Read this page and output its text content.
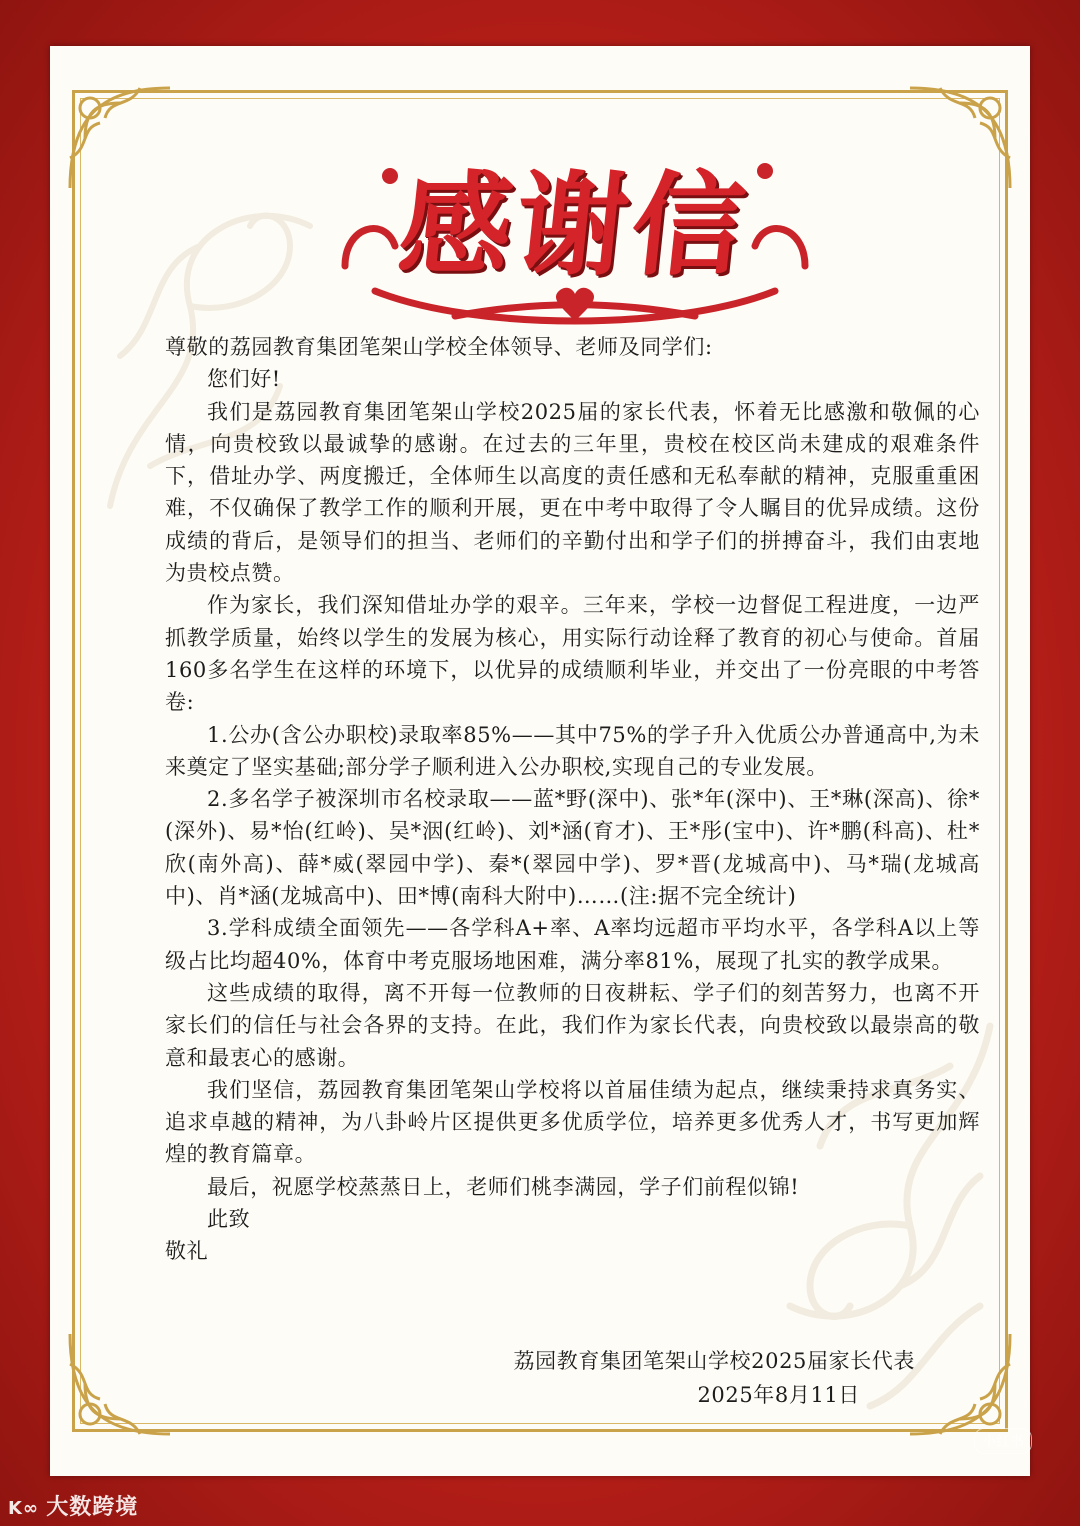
感谢信

尊敬的荔园教育集团笔架山学校全体领导、老师及同学们:

您们好!

我们是荔园教育集团笔架山学校2025届的家长代表，怀着无比感激和敬佩的心情，向贵校致以最诚挚的感谢。在过去的三年里，贵校在校区尚未建成的艰难条件下，借址办学、两度搬迁，全体师生以高度的责任感和无私奉献的精神，克服重重困难，不仅确保了教学工作的顺利开展，更在中考中取得了令人瞩目的优异成绩。这份成绩的背后，是领导们的担当、老师们的辛勤付出和学子们的拼搏奋斗，我们由衷地为贵校点赞。

作为家长，我们深知借址办学的艰辛。三年来，学校一边督促工程进度，一边严抓教学质量，始终以学生的发展为核心，用实际行动诠释了教育的初心与使命。首届160多名学生在这样的环境下，以优异的成绩顺利毕业，并交出了一份亮眼的中考答卷:

1.公办(含公办职校)录取率85%——其中75%的学子升入优质公办普通高中,为未来奠定了坚实基础;部分学子顺利进入公办职校,实现自己的专业发展。

2.多名学子被深圳市名校录取——蓝*野(深中)、张*年(深中)、王*琳(深高)、徐*(深外)、易*怡(红岭)、吴*洇(红岭)、刘*涵(育才)、王*彤(宝中)、许*鹏(科高)、杜*欣(南外高)、薛*威(翠园中学)、秦*(翠园中学)、罗*晋(龙城高中)、马*瑞(龙城高中)、肖*涵(龙城高中)、田*博(南科大附中)……(注:据不完全统计)

3.学科成绩全面领先——各学科A+率、A率均远超市平均水平，各学科A以上等级占比均超40%，体育中考克服场地困难，满分率81%，展现了扎实的教学成果。

这些成绩的取得，离不开每一位教师的日夜耕耘、学子们的刻苦努力，也离不开家长们的信任与社会各界的支持。在此，我们作为家长代表，向贵校致以最崇高的敬意和最衷心的感谢。

我们坚信，荔园教育集团笔架山学校将以首届佳绩为起点，继续秉持求真务实、追求卓越的精神，为八卦岭片区提供更多优质学位，培养更多优秀人才，书写更加辉煌的教育篇章。

最后，祝愿学校蒸蒸日上，老师们桃李满园，学子们前程似锦!

此致

敬礼

荔园教育集团笔架山学校2025届家长代表
2025年8月11日
小红书
K∞ 大数跨境
